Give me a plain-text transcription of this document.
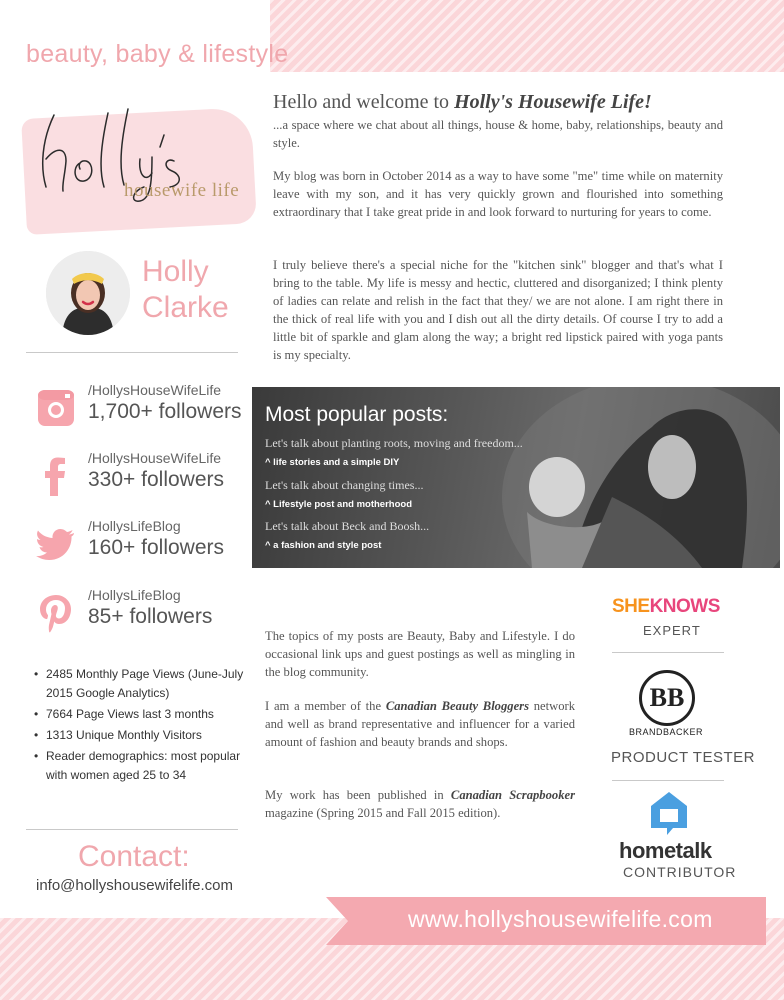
beauty, baby & lifestyle
housewife life
Holly
Clarke
/HollysHouseWifeLife
1,700+ followers
/HollysHouseWifeLife
330+ followers
/HollysLifeBlog
160+ followers
/HollysLifeBlog
85+ followers
• 2485 Monthly Page Views (June-July 2015 Google Analytics)
• 7664 Page Views last 3 months
• 1313 Unique Monthly Visitors
• Reader demographics: most popular with women aged 25 to 34
Contact:
info@hollyshousewifelife.com
Hello and welcome to Holly's Housewife Life!
...a space where we chat about all things, house & home, baby, relationships, beauty and style.
My blog was born in October 2014 as a way to have some "me" time while on maternity leave with my son, and it has very quickly grown and flourished into something extraordinary that I take great pride in and look forward to nurturing for years to come.
I truly believe there's a special niche for the "kitchen sink" blogger and that's what I bring to the table. My life is messy and hectic, cluttered and disorganized; I think plenty of ladies can relate and relish in the fact that they/ we are not alone. I am right there in the thick of real life with you and I dish out all the dirty details. Of course I try to add a little bit of sparkle and glam along the way; a bright red lipstick paired with yoga pants is my specialty.
Most popular posts:
Let's talk about planting roots, moving and freedom...
^ life stories and a simple DIY
Let's talk about changing times...
^ Lifestyle post and motherhood
Let's talk about Beck and Boosh...
^ a fashion and style post
The topics of my posts are Beauty, Baby and Lifestyle. I do occasional link ups and guest postings as well as mingling in the blog community.
I am a member of the Canadian Beauty Bloggers network and well as brand representative and influencer for a varied amount of fashion and beauty brands and shops.
My work has been published in Canadian Scrapbooker magazine (Spring 2015 and Fall 2015 edition).
SHEKNOWS
EXPERT
BB
BRANDBACKER
PRODUCT TESTER
hometalk
CONTRIBUTOR
www.hollyshousewifelife.com
